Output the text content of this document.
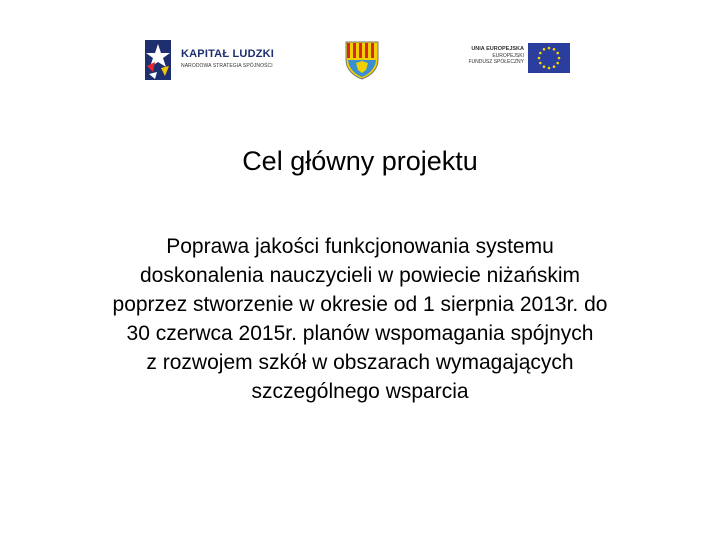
KAPITAŁ LUDZKI
NARODOWA STRATEGIA SPÓJNOŚCI
UNIA EUROPEJSKA
EUROPEJSKI
FUNDUSZ SPOŁECZNY
Cel główny projektu
Poprawa jakości funkcjonowania systemu
doskonalenia nauczycieli w powiecie niżańskim
poprzez stworzenie w okresie od 1 sierpnia 2013r. do
30 czerwca 2015r. planów wspomagania spójnych
z rozwojem szkół w obszarach wymagających
szczególnego wsparcia
